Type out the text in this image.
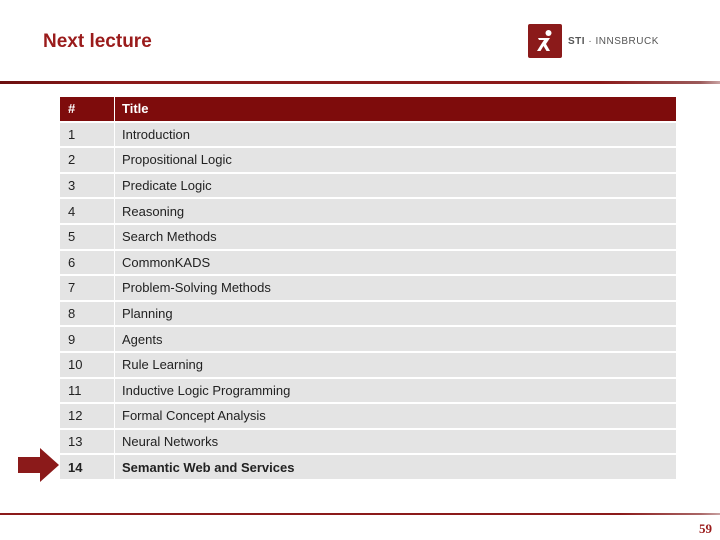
Next lecture	STI · INNSBRUCK
#		Title
1		Introduction
2		Propositional Logic
3		Predicate Logic
4		Reasoning
5		Search Methods
6		CommonKADS
7		Problem-Solving Methods
8		Planning
9		Agents
10		Rule Learning
11		Inductive Logic Programming
12		Formal Concept Analysis
13		Neural Networks
14		Semantic Web and Services
59
